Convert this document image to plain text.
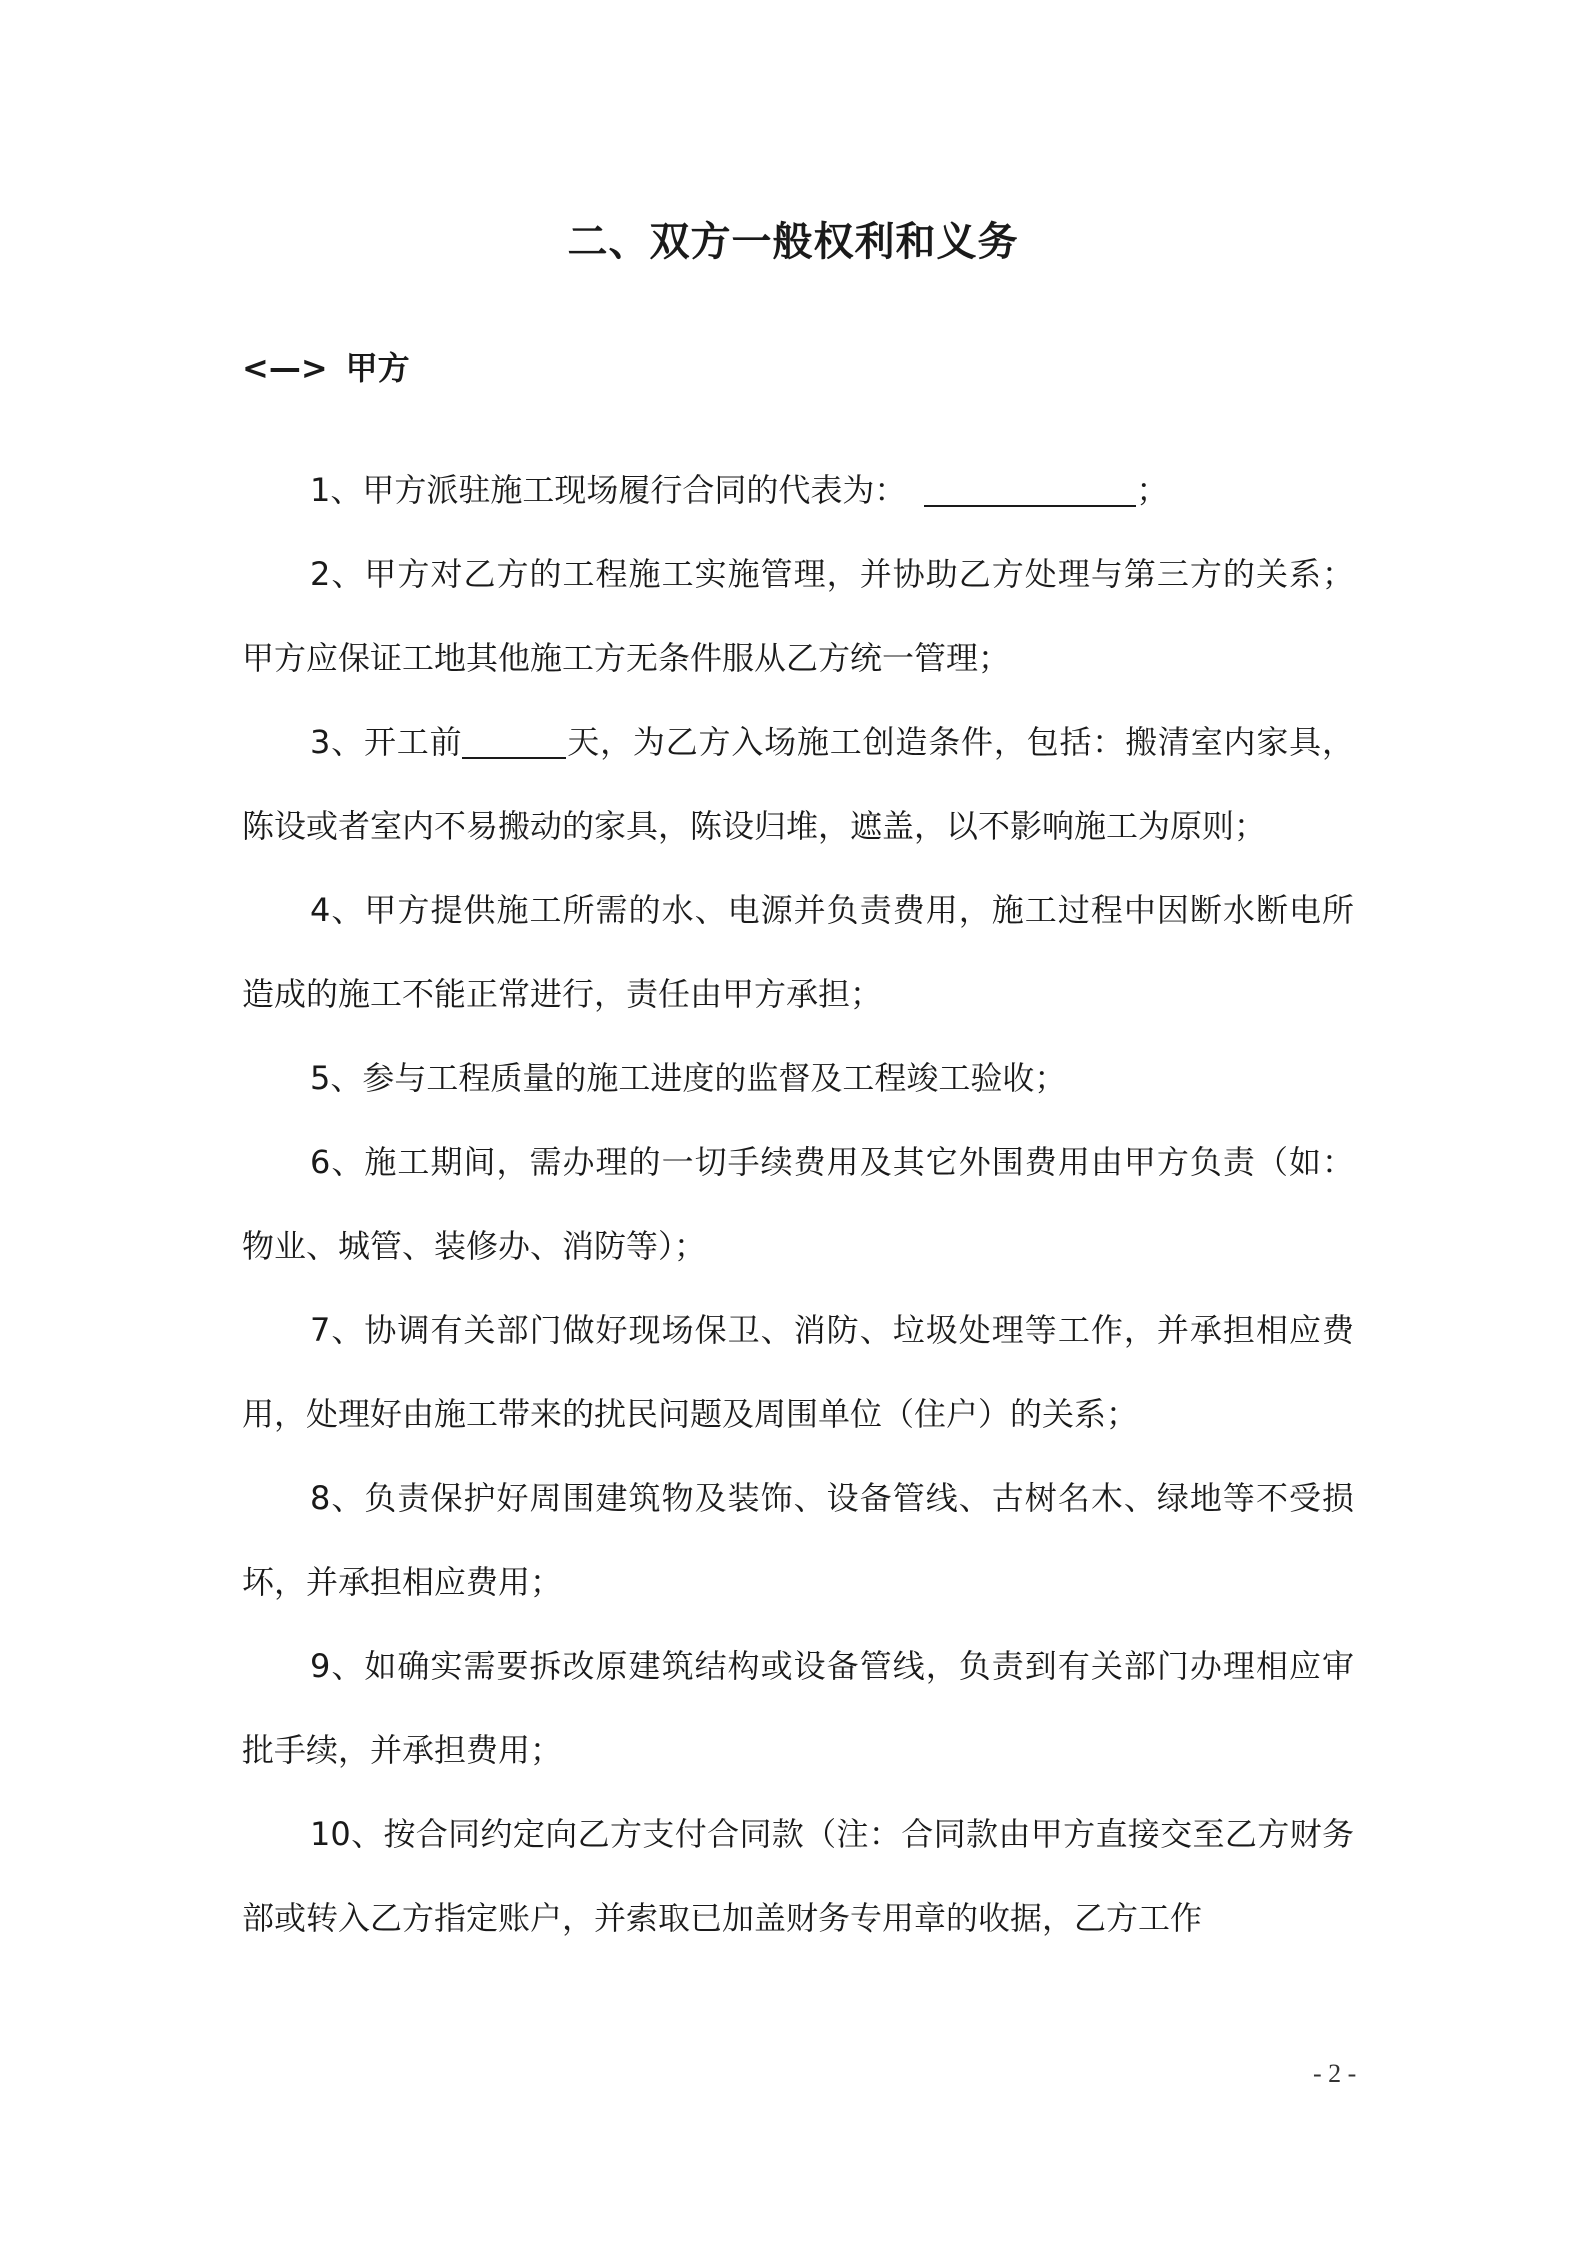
二、双方一般权利和义务
<—> 甲方

1、甲方派驻施工现场履行合同的代表为：	；

2、甲方对乙方的工程施工实施管理，并协助乙方处理与第三方的关系；甲方应保证工地其他施工方无条件服从乙方统一管理；

3、开工前	天，为乙方入场施工创造条件，包括：搬清室内家具，陈设或者室内不易搬动的家具，陈设归堆，遮盖，以不影响施工为原则；

4、甲方提供施工所需的水、电源并负责费用，施工过程中因断水断电所造成的施工不能正常进行，责任由甲方承担；

5、参与工程质量的施工进度的监督及工程竣工验收；

6、施工期间，需办理的一切手续费用及其它外围费用由甲方负责（如：物业、城管、装修办、消防等）；

7、协调有关部门做好现场保卫、消防、垃圾处理等工作，并承担相应费用，处理好由施工带来的扰民问题及周围单位（住户）的关系；

8、负责保护好周围建筑物及装饰、设备管线、古树名木、绿地等不受损坏，并承担相应费用；

9、如确实需要拆改原建筑结构或设备管线，负责到有关部门办理相应审批手续，并承担费用；

10、按合同约定向乙方支付合同款（注：合同款由甲方直接交至乙方财务部或转入乙方指定账户，并索取已加盖财务专用章的收据，乙方工作

- 2 -
